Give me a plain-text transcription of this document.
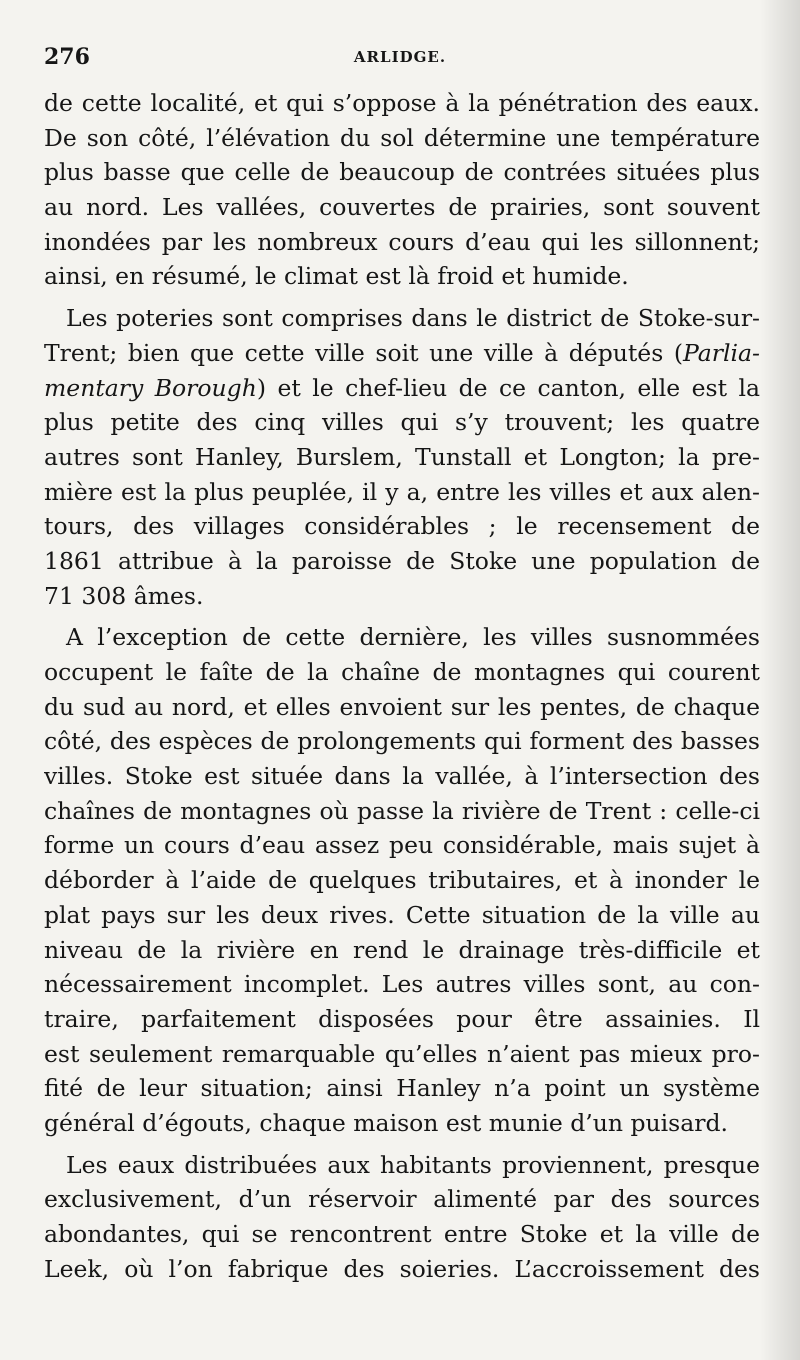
276	ARLIDGE.
de cette localité, et qui s’oppose à la pénétration des eaux.
De son côté, l’élévation du sol détermine une température
plus basse que celle de beaucoup de contrées situées plus
au nord. Les vallées, couvertes de prairies, sont souvent
inondées par les nombreux cours d’eau qui les sillonnent;
ainsi, en résumé, le climat est là froid et humide.
Les poteries sont comprises dans le district de Stoke-sur-
Trent; bien que cette ville soit une ville à députés (Parlia-
mentary Borough) et le chef-lieu de ce canton, elle est la
plus petite des cinq villes qui s’y trouvent; les quatre
autres sont Hanley, Burslem, Tunstall et Longton; la pre-
mière est la plus peuplée, il y a, entre les villes et aux alen-
tours, des villages considérables ; le recensement de
1861 attribue à la paroisse de Stoke une population de
71 308 âmes.
A l’exception de cette dernière, les villes susnommées
occupent le faîte de la chaîne de montagnes qui courent
du sud au nord, et elles envoient sur les pentes, de chaque
côté, des espèces de prolongements qui forment des basses
villes. Stoke est située dans la vallée, à l’intersection des
chaînes de montagnes où passe la rivière de Trent : celle-ci
forme un cours d’eau assez peu considérable, mais sujet à
déborder à l’aide de quelques tributaires, et à inonder le
plat pays sur les deux rives. Cette situation de la ville au
niveau de la rivière en rend le drainage très-difficile et
nécessairement incomplet. Les autres villes sont, au con-
traire, parfaitement disposées pour être assainies. Il
est seulement remarquable qu’elles n’aient pas mieux pro-
fité de leur situation; ainsi Hanley n’a point un système
général d’égouts, chaque maison est munie d’un puisard.
Les eaux distribuées aux habitants proviennent, presque
exclusivement, d’un réservoir alimenté par des sources
abondantes, qui se rencontrent entre Stoke et la ville de
Leek, où l’on fabrique des soieries. L’accroissement des
